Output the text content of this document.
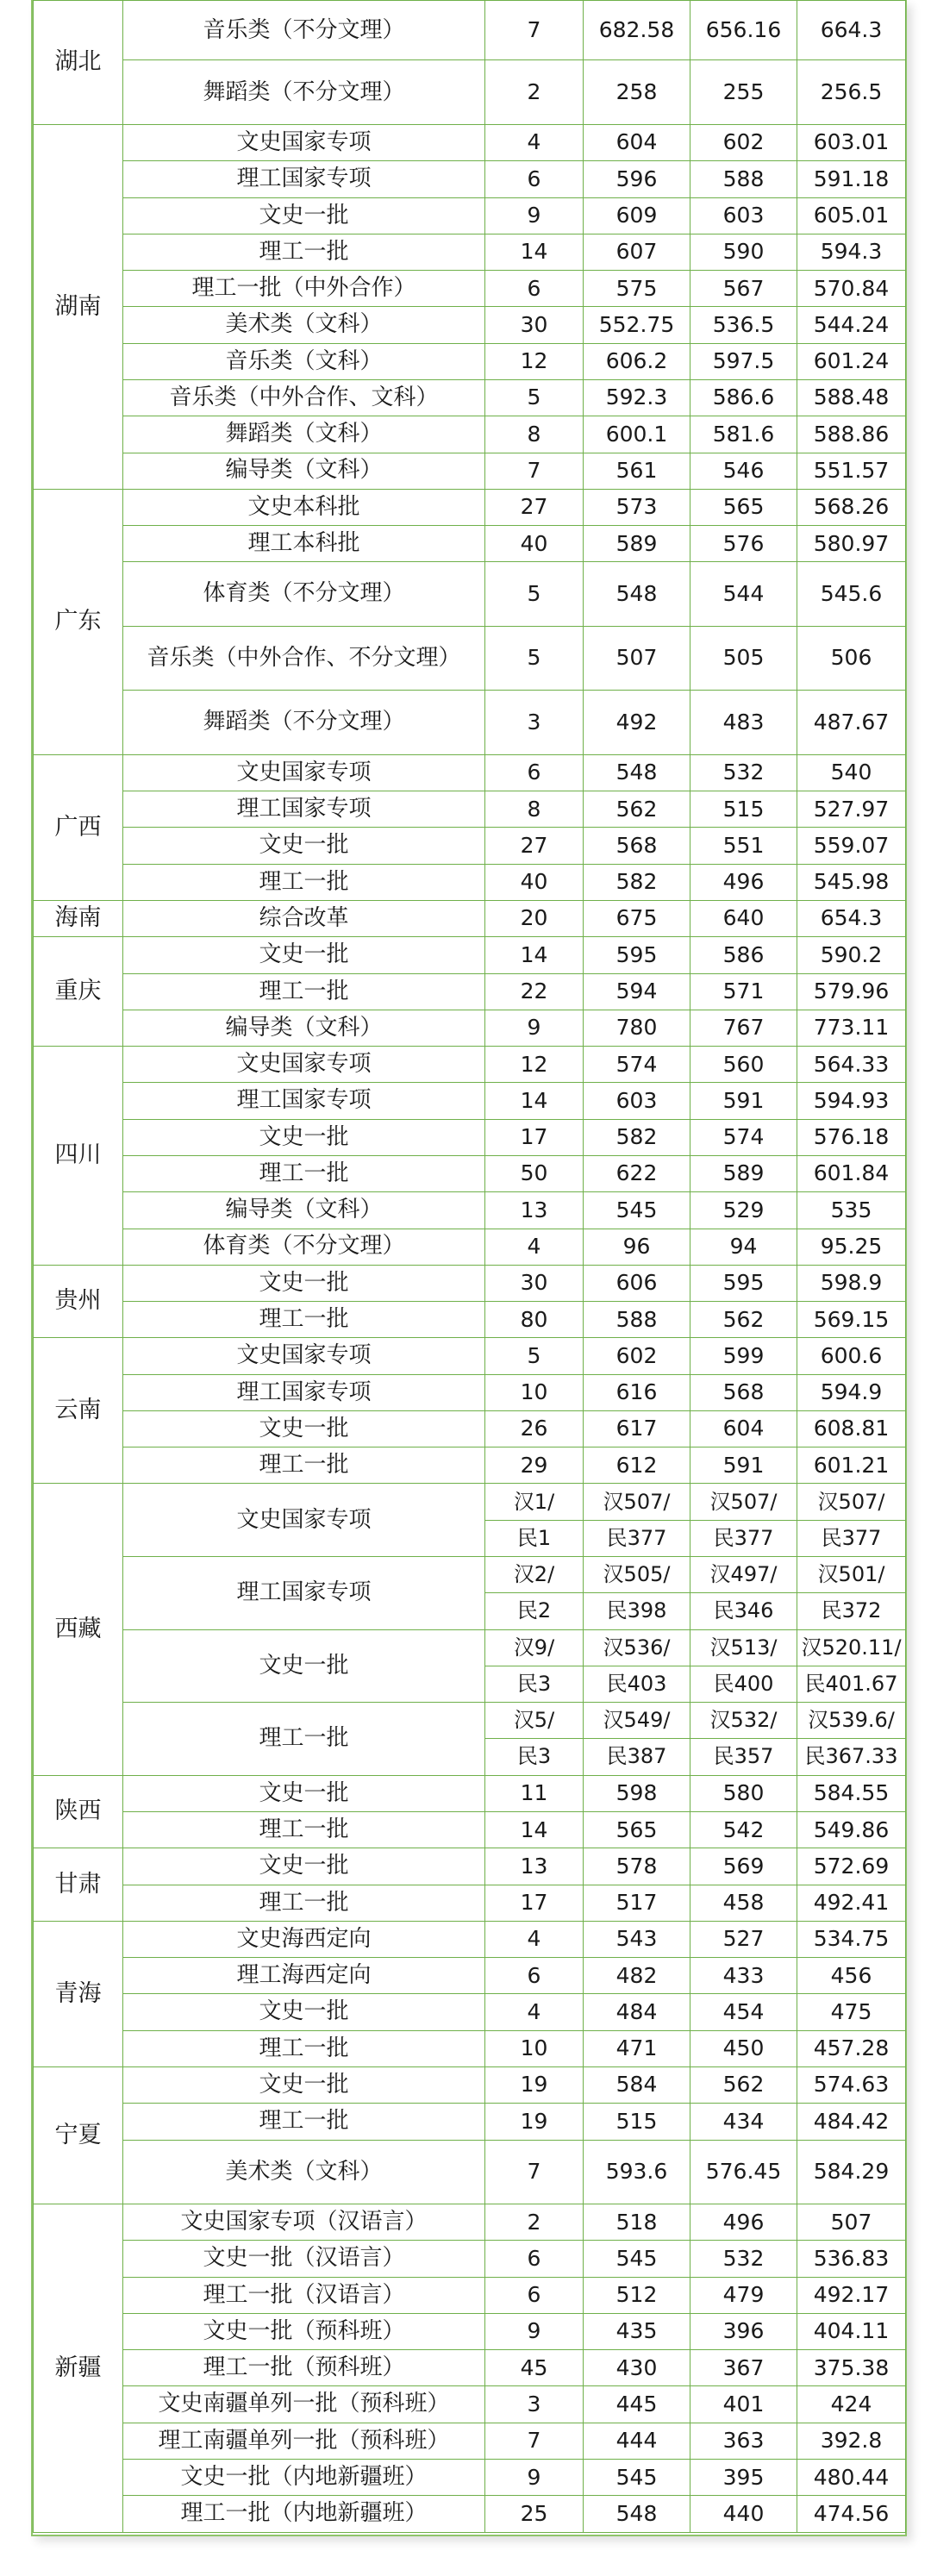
湖北	音乐类（不分文理）	7	682.58	656.16	664.3
	舞蹈类（不分文理）	2	258	255	256.5
湖南	文史国家专项	4	604	602	603.01
	理工国家专项	6	596	588	591.18
	文史一批	9	609	603	605.01
	理工一批	14	607	590	594.3
	理工一批（中外合作）	6	575	567	570.84
	美术类（文科）	30	552.75	536.5	544.24
	音乐类（文科）	12	606.2	597.5	601.24
	音乐类（中外合作、文科）	5	592.3	586.6	588.48
	舞蹈类（文科）	8	600.1	581.6	588.86
	编导类（文科）	7	561	546	551.57
广东	文史本科批	27	573	565	568.26
	理工本科批	40	589	576	580.97
	体育类（不分文理）	5	548	544	545.6
	音乐类（中外合作、不分文理）	5	507	505	506
	舞蹈类（不分文理）	3	492	483	487.67
广西	文史国家专项	6	548	532	540
	理工国家专项	8	562	515	527.97
	文史一批	27	568	551	559.07
	理工一批	40	582	496	545.98
海南	综合改革	20	675	640	654.3
重庆	文史一批	14	595	586	590.2
	理工一批	22	594	571	579.96
	编导类（文科）	9	780	767	773.11
四川	文史国家专项	12	574	560	564.33
	理工国家专项	14	603	591	594.93
	文史一批	17	582	574	576.18
	理工一批	50	622	589	601.84
	编导类（文科）	13	545	529	535
	体育类（不分文理）	4	96	94	95.25
贵州	文史一批	30	606	595	598.9
	理工一批	80	588	562	569.15
云南	文史国家专项	5	602	599	600.6
	理工国家专项	10	616	568	594.9
	文史一批	26	617	604	608.81
	理工一批	29	612	591	601.21
西藏	文史国家专项	汉1/	汉507/	汉507/	汉507/
		民1	民377	民377	民377
	理工国家专项	汉2/	汉505/	汉497/	汉501/
		民2	民398	民346	民372
	文史一批	汉9/	汉536/	汉513/	汉520.11/
		民3	民403	民400	民401.67
	理工一批	汉5/	汉549/	汉532/	汉539.6/
		民3	民387	民357	民367.33
陕西	文史一批	11	598	580	584.55
	理工一批	14	565	542	549.86
甘肃	文史一批	13	578	569	572.69
	理工一批	17	517	458	492.41
青海	文史海西定向	4	543	527	534.75
	理工海西定向	6	482	433	456
	文史一批	4	484	454	475
	理工一批	10	471	450	457.28
宁夏	文史一批	19	584	562	574.63
	理工一批	19	515	434	484.42
	美术类（文科）	7	593.6	576.45	584.29
新疆	文史国家专项（汉语言）	2	518	496	507
	文史一批（汉语言）	6	545	532	536.83
	理工一批（汉语言）	6	512	479	492.17
	文史一批（预科班）	9	435	396	404.11
	理工一批（预科班）	45	430	367	375.38
	文史南疆单列一批（预科班）	3	445	401	424
	理工南疆单列一批（预科班）	7	444	363	392.8
	文史一批（内地新疆班）	9	545	395	480.44
	理工一批（内地新疆班）	25	548	440	474.56
